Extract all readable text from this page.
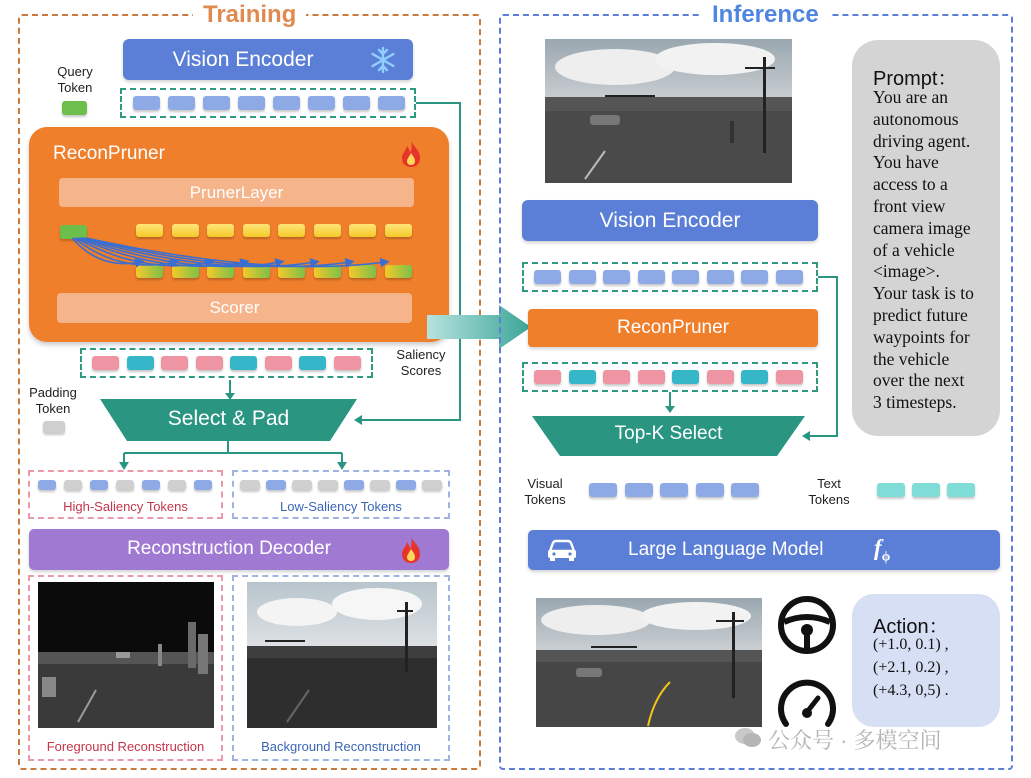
Training
Vision Encoder
Query
Token
ReconPruner
PrunerLayer
Scorer
Saliency
Scores
Padding
Token	Select & Pad
High-Saliency Tokens	Low-Saliency Tokens
Reconstruction Decoder
Foreground Reconstruction	Background Reconstruction
Inference
Prompt：
You are an
autonomous
driving agent.
You have
access to a
front view
camera image
of a vehicle
<image>.
Your task is to
predict future
waypoints for
the vehicle
over the next
3 timesteps.
Vision Encoder
ReconPruner
Top-K Select
Visual
Tokens
Text
Tokens
Large Language Model $f_\phi$
Action：
(+1.0, 0.1) ,
(+2.1, 0.2) ,
(+4.3, 0,5) .
公众号 · 多模空间
